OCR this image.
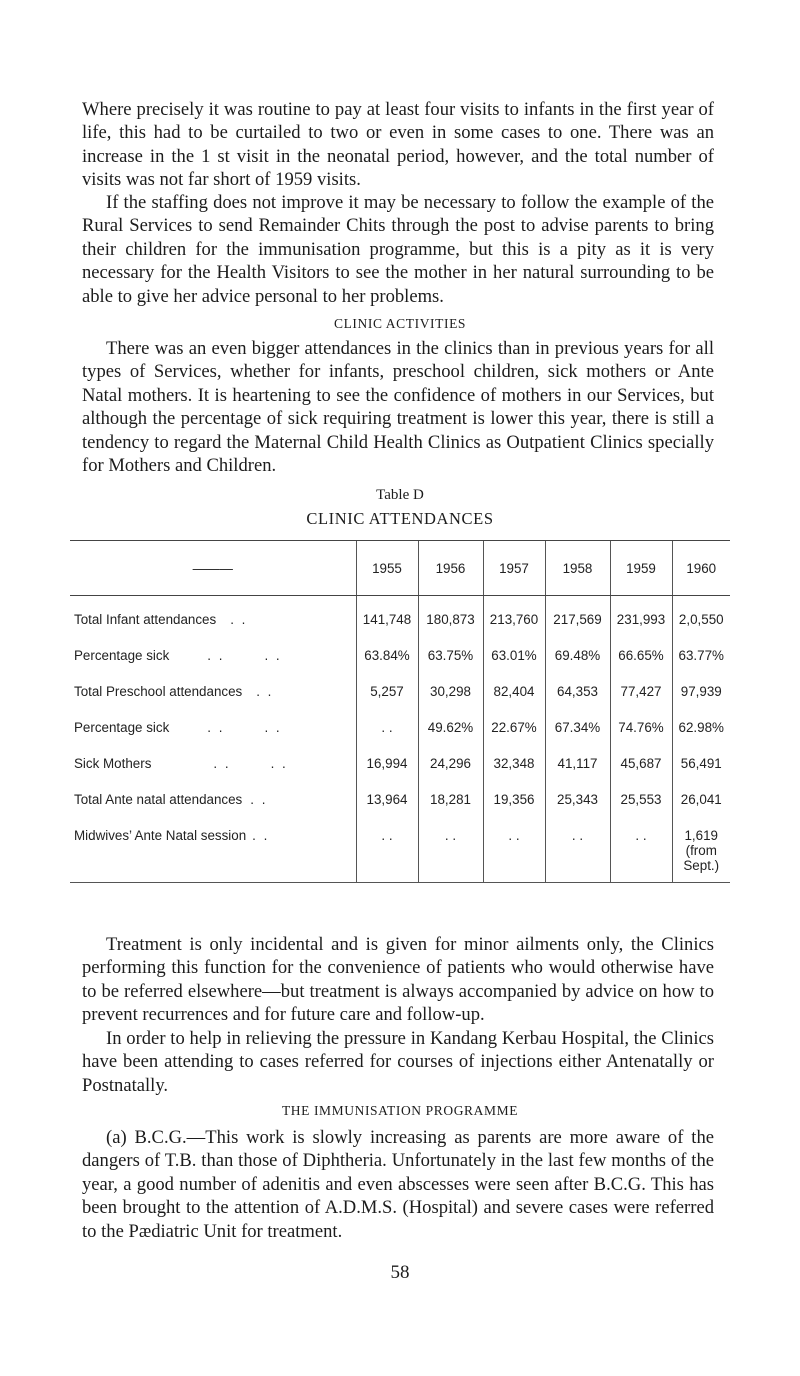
Where precisely it was routine to pay at least four visits to infants in the first year of life, this had to be curtailed to two or even in some cases to one. There was an increase in the 1 st visit in the neonatal period, however, and the total number of visits was not far short of 1959 visits.

If the staffing does not improve it may be necessary to follow the example of the Rural Services to send Remainder Chits through the post to advise parents to bring their children for the immunisation programme, but this is a pity as it is very necessary for the Health Visitors to see the mother in her natural surrounding to be able to give her advice personal to her problems.

CLINIC ACTIVITIES

There was an even bigger attendances in the clinics than in previous years for all types of Services, whether for infants, preschool children, sick mothers or Ante Natal mothers. It is heartening to see the confidence of mothers in our Services, but although the percentage of sick requiring treatment is lower this year, there is still a tendency to regard the Maternal Child Health Clinics as Outpatient Clinics specially for Mothers and Children.

Table D

CLINIC ATTENDANCES

———	1955	1956	1957	1958	1959	1960

Total Infant attendances . .	141,748	180,873	213,760	217,569	231,993	2,0,550
Percentage sick . .       . .	63.84%	63.75%	63.01%	69.48%	66.65%	63.77%
Total Preschool attendances . .	5,257	30,298	82,404	64,353	77,427	97,939
Percentage sick . .       . .	. .	49.62%	22.67%	67.34%	74.76%	62.98%
Sick Mothers . .       . .	16,994	24,296	32,348	41,117	45,687	56,491
Total Ante natal attendances . .	13,964	18,281	19,356	25,343	25,553	26,041
Midwives’ Ante Natal session . .	. .	. .	. .	. .	. .	1,619
(from
Sept.)

Treatment is only incidental and is given for minor ailments only, the Clinics performing this function for the convenience of patients who would otherwise have to be referred elsewhere—but treatment is always accompanied by advice on how to prevent recurrences and for future care and follow-up.

In order to help in relieving the pressure in Kandang Kerbau Hospital, the Clinics have been attending to cases referred for courses of injections either Antenatally or Postnatally.

THE IMMUNISATION PROGRAMME

(a) B.C.G.—This work is slowly increasing as parents are more aware of the dangers of T.B. than those of Diphtheria. Unfortunately in the last few months of the year, a good number of adenitis and even abscesses were seen after B.C.G. This has been brought to the attention of A.D.M.S. (Hospital) and severe cases were referred to the Pædiatric Unit for treatment.

58
